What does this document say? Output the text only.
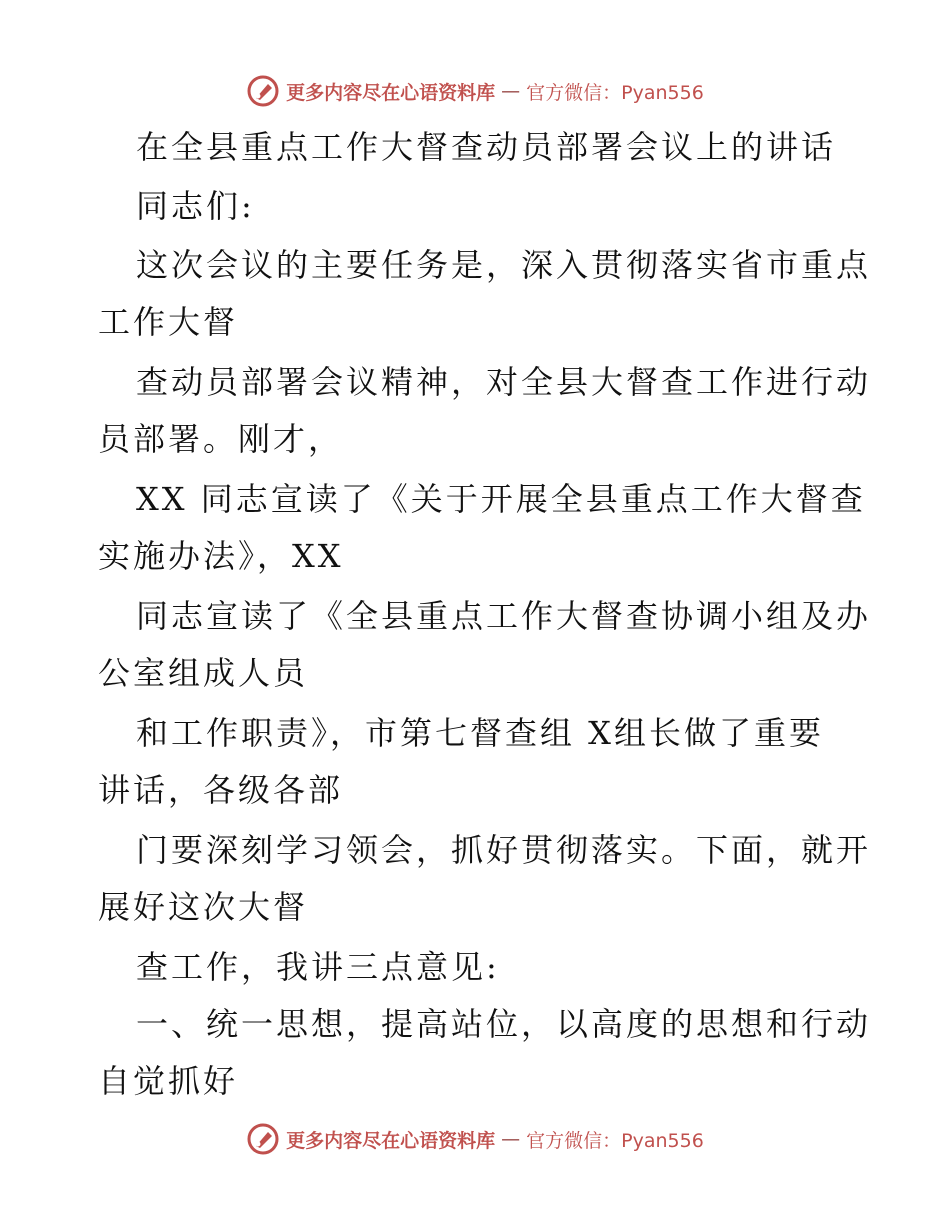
更多内容尽在心语资料库 — 官方微信：Pyan556
在全县重点工作大督查动员部署会议上的讲话
同志们:
这次会议的主要任务是，深入贯彻落实省市重点
工作大督
查动员部署会议精神，对全县大督查工作进行动
员部署。刚才，
XX 同志宣读了《关于开展全县重点工作大督查
实施办法》，XX
同志宣读了《全县重点工作大督查协调小组及办
公室组成人员
和工作职责》，市第七督查组 X组长做了重要
讲话，各级各部
门要深刻学习领会，抓好贯彻落实。下面，就开
展好这次大督
查工作，我讲三点意见:
一、统一思想，提高站位，以高度的思想和行动
自觉抓好
更多内容尽在心语资料库 — 官方微信：Pyan556
